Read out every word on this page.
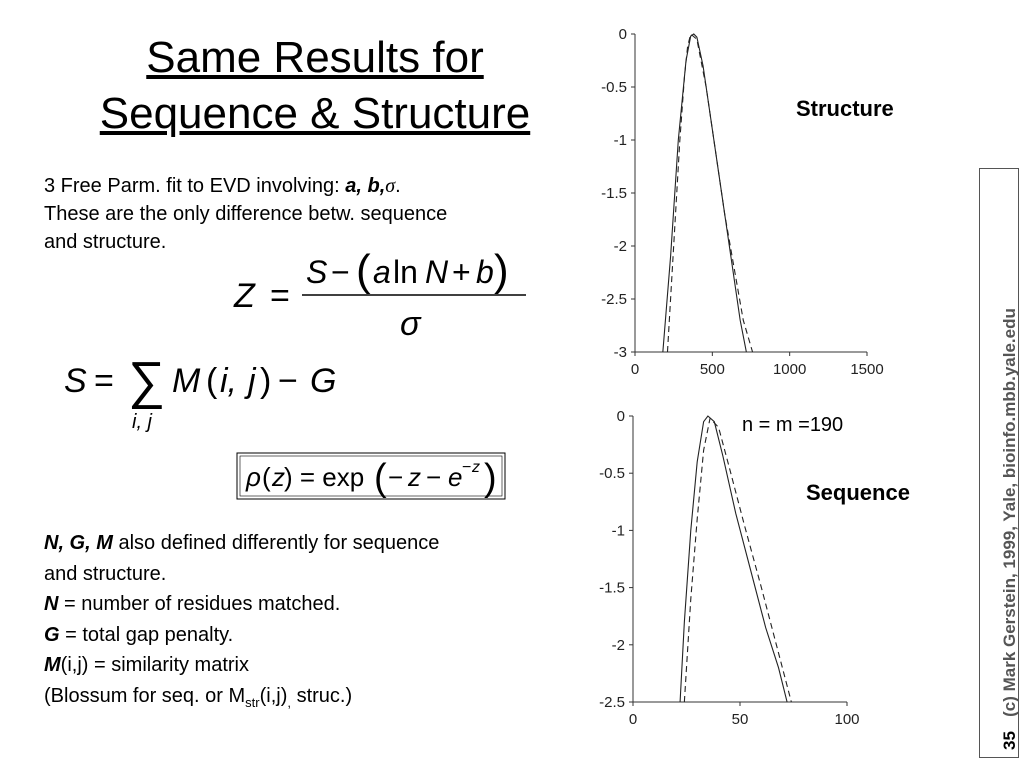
Same Results for
Sequence & Structure
3 Free Parm. fit to EVD involving: a, b,σ.
These are the only difference betw. sequence
and structure.
Z =
S − ( a ln N + b )
σ
S = ∑
i, j
M ( i, j ) − G
ρ ( z ) = exp ( − z − e − z )
N, G, M also defined differently for sequence
and structure.
N = number of residues matched.
G = total gap penalty.
M(i,j) = similarity matrix
(Blossum for seq. or $M_{str}(i,j)_,$ struc.)
0	500	1000	1500
0
-0.5
-1
-1.5
-2
-2.5
-3
0	50	100
0
-0.5
-1
-1.5
-2
-2.5
Structure
Sequence
n = m =190
35   (c) Mark Gerstein, 1999, Yale, bioinfo.mbb.yale.edu
